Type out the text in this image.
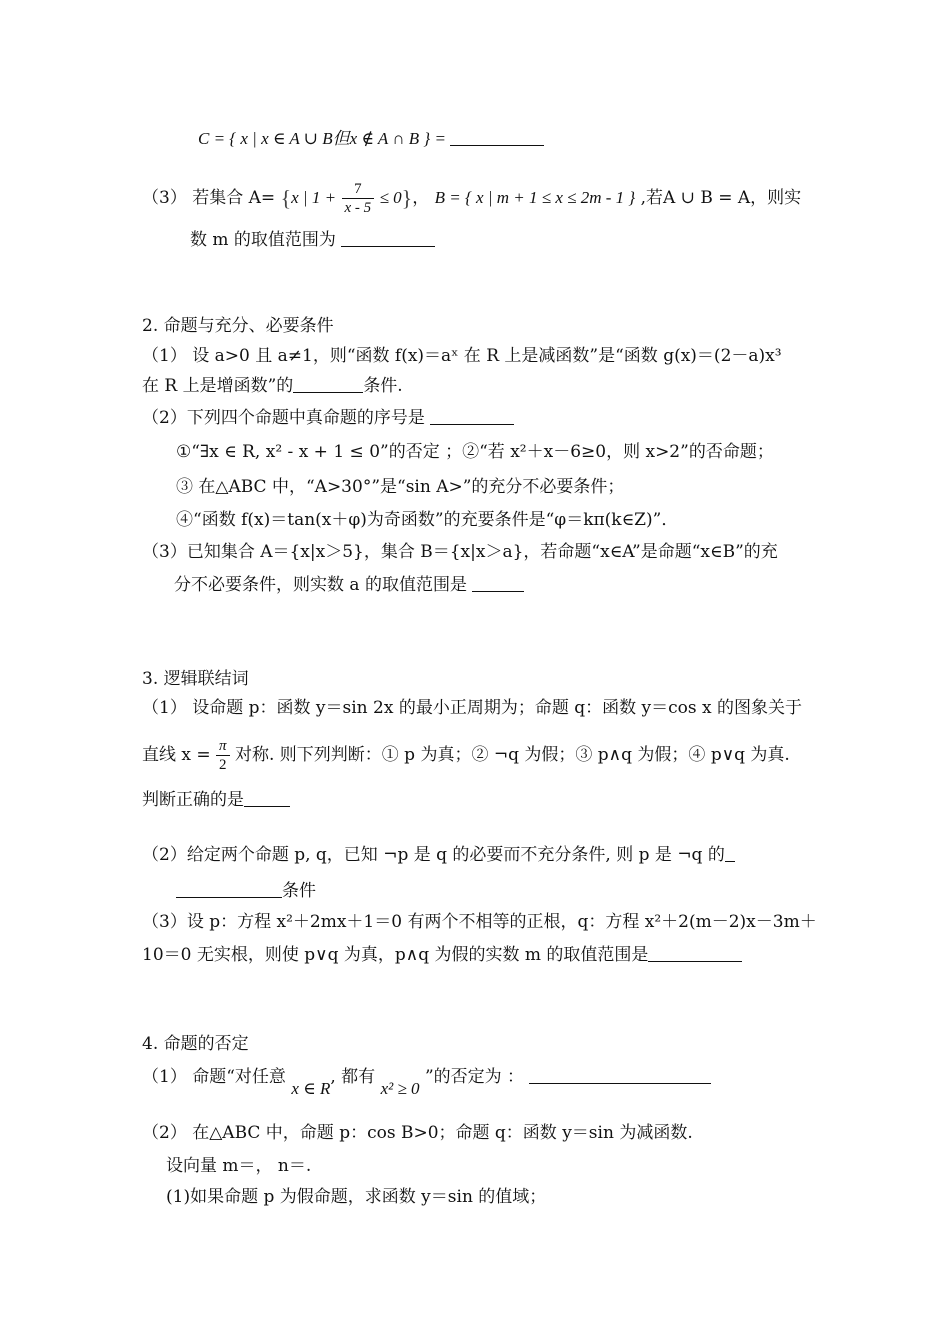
C = { x | x ∈ A ∪ B但x ∉ A ∩ B } =
（3） 若集合 A= {x | $1 + \frac{7}{x - 5} \le 0$}， B = { x | m + 1 ≤ x ≤ 2m - 1 } ,若A ∪ B = A，则实
数 m 的取值范围为
2. 命题与充分、必要条件
（1） 设 a>0 且 a≠1，则“函数 f(x)＝aˣ 在 R 上是减函数”是“函数 g(x)＝(2－a)x³
在 R 上是增函数”的	条件.
（2）下列四个命题中真命题的序号是
①“∃x ∈ R, x² - x + 1 ≤ 0”的否定 ；②“若 x²＋x－6≥0，则 x>2”的否命题；
③ 在△ABC 中，“A>30°”是“sin A>”的充分不必要条件；
④“函数 f(x)＝tan(x＋φ)为奇函数”的充要条件是“φ＝kπ(k∈Z)”．
（3）已知集合 A＝{x|x＞5}，集合 B＝{x|x＞a}，若命题“x∈A”是命题“x∈B”的充
分不必要条件，则实数 a 的取值范围是
3. 逻辑联结词
（1） 设命题 p：函数 y＝sin 2x 的最小正周期为；命题 q：函数 y＝cos x 的图象关于
直线 $x = \frac{\pi}{2}$ 对称. 则下列判断：① p 为真；② ¬q 为假；③ p∧q 为假；④ p∨q 为真.
判断正确的是
（2）给定两个命题 p, q，已知 ¬p 是 q 的必要而不充分条件, 则 p 是 ¬q 的
条件
（3）设 p：方程 x²＋2mx＋1＝0 有两个不相等的正根，q：方程 x²＋2(m－2)x－3m＋
10＝0 无实根，则使 p∨q 为真，p∧q 为假的实数 m 的取值范围是
4. 命题的否定
（1） 命题“对任意 x ∈ R, 都有 x² ≥ 0 ”的否定为 ：
（2） 在△ABC 中，命题 p：cos B>0；命题 q：函数 y＝sin 为减函数.
设向量 m＝， n＝.
(1)如果命题 p 为假命题，求函数 y＝sin 的值域；
